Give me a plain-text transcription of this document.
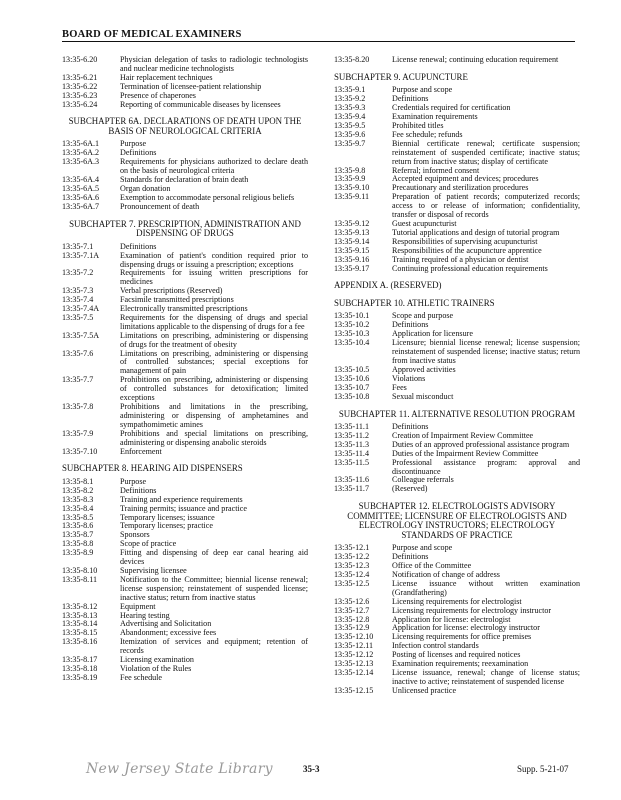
BOARD OF MEDICAL EXAMINERS
13:35-6.20	Physician delegation of tasks to radiologic technologists and nuclear medicine technologists
13:35-6.21	Hair replacement techniques
13:35-6.22	Termination of licensee-patient relationship
13:35-6.23	Presence of chaperones
13:35-6.24	Reporting of communicable diseases by licensees
SUBCHAPTER 6A. DECLARATIONS OF DEATH UPON THE BASIS OF NEUROLOGICAL CRITERIA
13:35-6A.1	Purpose
13:35-6A.2	Definitions
13:35-6A.3	Requirements for physicians authorized to declare death on the basis of neurological criteria
13:35-6A.4	Standards for declaration of brain death
13:35-6A.5	Organ donation
13:35-6A.6	Exemption to accommodate personal religious beliefs
13:35-6A.7	Pronouncement of death
SUBCHAPTER 7. PRESCRIPTION, ADMINISTRATION AND DISPENSING OF DRUGS
13:35-7.1	Definitions
13:35-7.1A	Examination of patient's condition required prior to dispensing drugs or issuing a prescription; exceptions
13:35-7.2	Requirements for issuing written prescriptions for medicines
13:35-7.3	Verbal prescriptions (Reserved)
13:35-7.4	Facsimile transmitted prescriptions
13:35-7.4A	Electronically transmitted prescriptions
13:35-7.5	Requirements for the dispensing of drugs and special limitations applicable to the dispensing of drugs for a fee
13:35-7.5A	Limitations on prescribing, administering or dispensing of drugs for the treatment of obesity
13:35-7.6	Limitations on prescribing, administering or dispensing of controlled substances; special exceptions for management of pain
13:35-7.7	Prohibitions on prescribing, administering or dispensing of controlled substances for detoxification; limited exceptions
13:35-7.8	Prohibitions and limitations in the prescribing, administering or dispensing of amphetamines and sympathomimetic amines
13:35-7.9	Prohibitions and special limitations on prescribing, administering or dispensing anabolic steroids
13:35-7.10	Enforcement
SUBCHAPTER 8. HEARING AID DISPENSERS
13:35-8.1	Purpose
13:35-8.2	Definitions
13:35-8.3	Training and experience requirements
13:35-8.4	Training permits; issuance and practice
13:35-8.5	Temporary licenses; issuance
13:35-8.6	Temporary licenses; practice
13:35-8.7	Sponsors
13:35-8.8	Scope of practice
13:35-8.9	Fitting and dispensing of deep ear canal hearing aid devices
13:35-8.10	Supervising licensee
13:35-8.11	Notification to the Committee; biennial license renewal; license suspension; reinstatement of suspended license; inactive status; return from inactive status
13:35-8.12	Equipment
13:35-8.13	Hearing testing
13:35-8.14	Advertising and Solicitation
13:35-8.15	Abandonment; excessive fees
13:35-8.16	Itemization of services and equipment; retention of records
13:35-8.17	Licensing examination
13:35-8.18	Violation of the Rules
13:35-8.19	Fee schedule
13:35-8.20	License renewal; continuing education requirement
SUBCHAPTER 9. ACUPUNCTURE
13:35-9.1	Purpose and scope
13:35-9.2	Definitions
13:35-9.3	Credentials required for certification
13:35-9.4	Examination requirements
13:35-9.5	Prohibited titles
13:35-9.6	Fee schedule; refunds
13:35-9.7	Biennial certificate renewal; certificate suspension; reinstatement of suspended certificate; inactive status; return from inactive status; display of certificate
13:35-9.8	Referral; informed consent
13:35-9.9	Accepted equipment and devices; procedures
13:35-9.10	Precautionary and sterilization procedures
13:35-9.11	Preparation of patient records; computerized records; access to or release of information; confidentiality, transfer or disposal of records
13:35-9.12	Guest acupuncturist
13:35-9.13	Tutorial applications and design of tutorial program
13:35-9.14	Responsibilities of supervising acupuncturist
13:35-9.15	Responsibilities of the acupuncture apprentice
13:35-9.16	Training required of a physician or dentist
13:35-9.17	Continuing professional education requirements
APPENDIX A. (RESERVED)
SUBCHAPTER 10. ATHLETIC TRAINERS
13:35-10.1	Scope and purpose
13:35-10.2	Definitions
13:35-10.3	Application for licensure
13:35-10.4	Licensure; biennial license renewal; license suspension; reinstatement of suspended license; inactive status; return from inactive status
13:35-10.5	Approved activities
13:35-10.6	Violations
13:35-10.7	Fees
13:35-10.8	Sexual misconduct
SUBCHAPTER 11. ALTERNATIVE RESOLUTION PROGRAM
13:35-11.1	Definitions
13:35-11.2	Creation of Impairment Review Committee
13:35-11.3	Duties of an approved professional assistance program
13:35-11.4	Duties of the Impairment Review Committee
13:35-11.5	Professional assistance program: approval and discontinuance
13:35-11.6	Colleague referrals
13:35-11.7	(Reserved)
SUBCHAPTER 12. ELECTROLOGISTS ADVISORY COMMITTEE; LICENSURE OF ELECTROLOGISTS AND ELECTROLOGY INSTRUCTORS; ELECTROLOGY STANDARDS OF PRACTICE
13:35-12.1	Purpose and scope
13:35-12.2	Definitions
13:35-12.3	Office of the Committee
13:35-12.4	Notification of change of address
13:35-12.5	License issuance without written examination (Grandfathering)
13:35-12.6	Licensing requirements for electrologist
13:35-12.7	Licensing requirements for electrology instructor
13:35-12.8	Application for license: electrologist
13:35-12.9	Application for license: electrology instructor
13:35-12.10	Licensing requirements for office premises
13:35-12.11	Infection control standards
13:35-12.12	Posting of licenses and required notices
13:35-12.13	Examination requirements; reexamination
13:35-12.14	License issuance, renewal; change of license status; inactive to active; reinstatement of suspended license
13:35-12.15	Unlicensed practice
New Jersey State Library	35-3	Supp. 5-21-07
